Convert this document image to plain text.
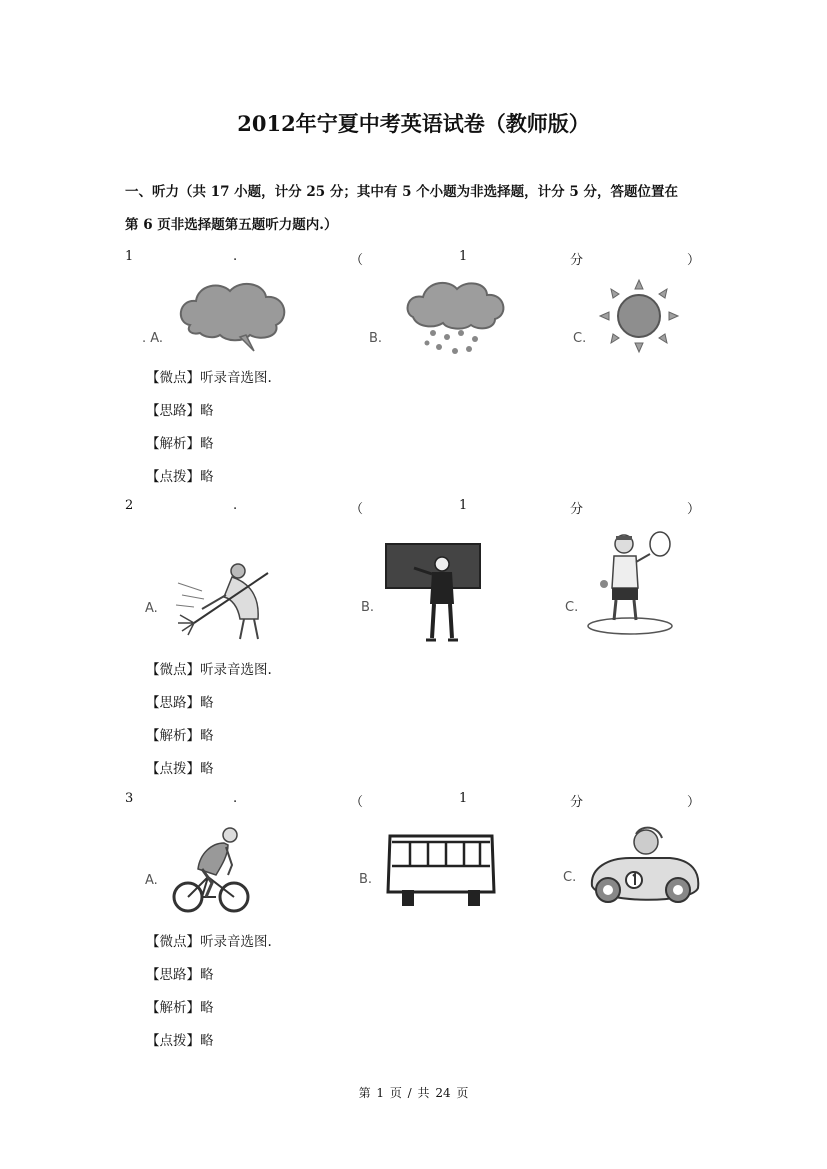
2012年宁夏中考英语试卷（教师版）
一、听力（共 17 小题，计分 25 分；其中有 5 个小题为非选择题，计分 5 分，答题位置在
第 6 页非选择题第五题听力题内.）
1	.	（	1	分	）
. A.	B.	C.
【微点】听录音选图.
【思路】略
【解析】略
【点拨】略
2	.	（	1	分	）
A.	B.	C.
【微点】听录音选图.
【思路】略
【解析】略
【点拨】略
3	.	（	1	分	）
A.	B.	C.
【微点】听录音选图.
【思路】略
【解析】略
【点拨】略
第 1 页 / 共 24 页
